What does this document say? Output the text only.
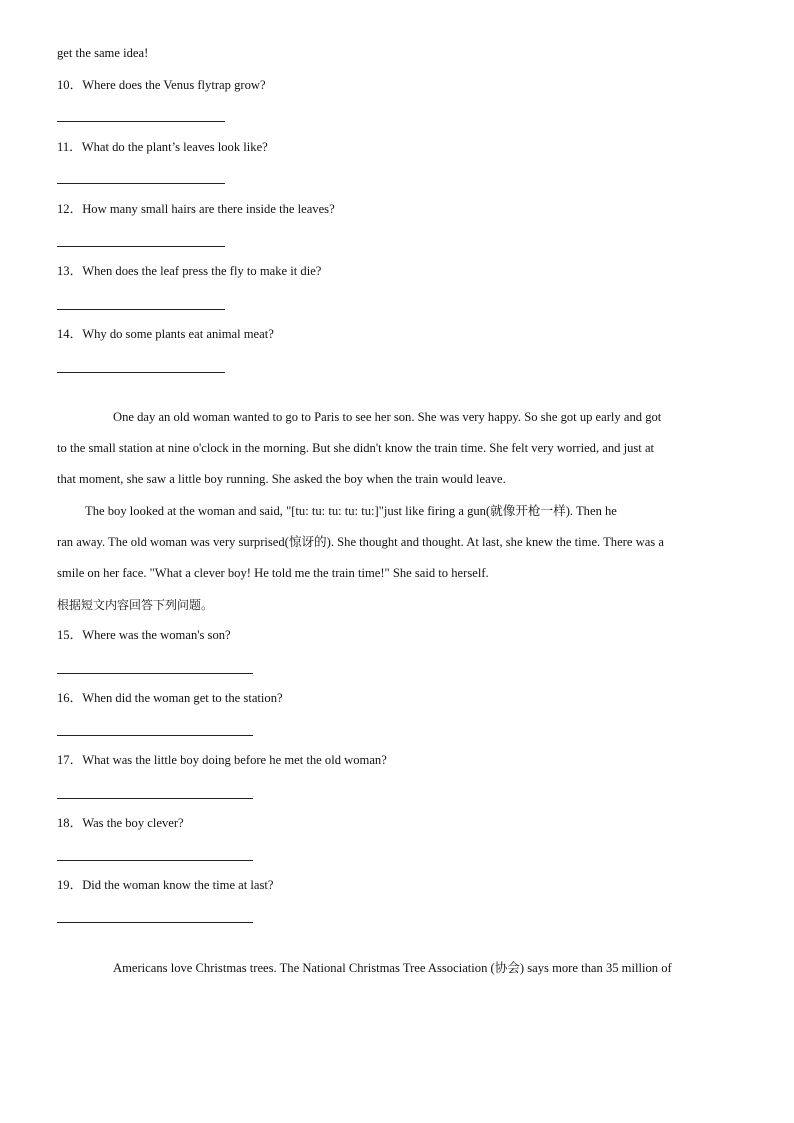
get the same idea!
10．Where does the Venus flytrap grow?
11．What do the plant’s leaves look like?
12．How many small hairs are there inside the leaves?
13．When does the leaf press the fly to make it die?
14．Why do some plants eat animal meat?
One day an old woman wanted to go to Paris to see her son. She was very happy. So she got up early and got
to the small station at nine o'clock in the morning. But she didn't know the train time. She felt very worried, and just at
that moment, she saw a little boy running. She asked the boy when the train would leave.
The boy looked at the woman and said, "[tu: tu: tu: tu: tu:]"just like firing a gun(就像开枪一样). Then he
ran away. The old woman was very surprised(惊讶的). She thought and thought. At last, she knew the time. There was a
smile on her face. "What a clever boy! He told me the train time!" She said to herself.
根据短文内容回答下列问题。
15．Where was the woman's son?
16．When did the woman get to the station?
17．What was the little boy doing before he met the old woman?
18．Was the boy clever?
19．Did the woman know the time at last?
Americans love Christmas trees. The National Christmas Tree Association (协会) says more than 35 million of
